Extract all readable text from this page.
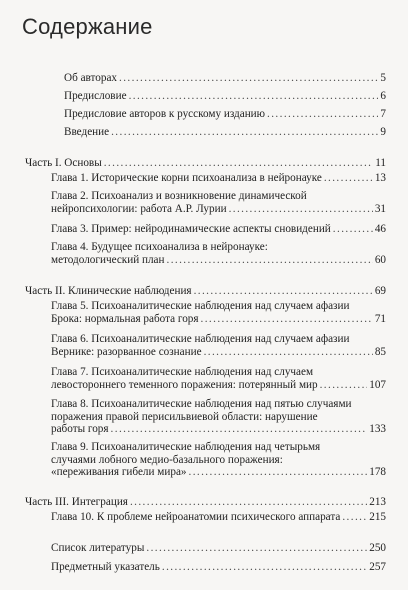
Содержание
Об авторах .....	5
Предисловие .....	6
Предисловие авторов к русскому изданию .....	7
Введение .....	9
Часть I. Основы .....	11
Глава 1. Исторические корни психоанализа в нейронауке .....	13
Глава 2. Психоанализ и возникновение динамической
нейропсихологии: работа А.Р. Лурии .....	31
Глава 3. Пример: нейродинамические аспекты сновидений .....	46
Глава 4. Будущее психоанализа в нейронауке:
методологический план .....	60
Часть II. Клинические наблюдения .....	69
Глава 5. Психоаналитические наблюдения над случаем афазии
Брока: нормальная работа горя .....	71
Глава 6. Психоаналитические наблюдения над случаем афазии
Вернике: разорванное сознание .....	85
Глава 7. Психоаналитические наблюдения над случаем
левостороннего теменного поражения: потерянный мир .....	107
Глава 8. Психоаналитические наблюдения над пятью случаями
поражения правой перисильвиевой области: нарушение
работы горя .....	133
Глава 9. Психоаналитические наблюдения над четырьмя
случаями лобного медио-базального поражения:
«переживания гибели мира» .....	178
Часть III. Интеграция .....	213
Глава 10. К проблеме нейроанатомии психического аппарата .....	215
Список литературы .....	250
Предметный указатель .....	257
